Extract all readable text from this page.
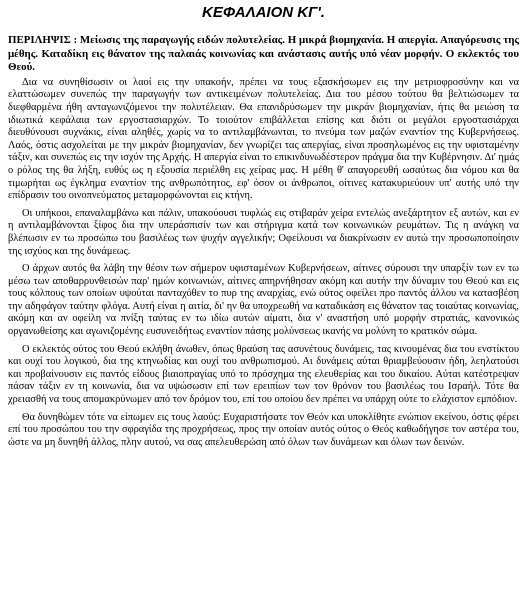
ΚΕΦΑΛΑΙΟΝ ΚΓ'.
ΠΕΡΙΛΗΨΙΣ : Μείωσις της παραγωγής ειδών πολυτελείας. Η μικρά βιομηχανία. Η απεργία. Απαγόρευσις της μέθης. Καταδίκη εις θάνατον της παλαιάς κοινωνίας και ανάστασις αυτής υπό νέαν μορφήν. Ο εκλεκτός του Θεού.
Δια να συνηθίσωσιν οι λαοί εις την υπακοήν, πρέπει να τους εξασκήσωμεν εις την μετριοφροσύνην και να ελαττώσωμεν συνεπώς την παραγωγήν των αντικειμένων πολυτελείας. Δια του μέσου τούτου θα βελτιώσωμεν τα διεφθαρμένα ήθη ανταγωνιζόμενοι την πολυτέλειαν. Θα επανιδρύσωμεν την μικράν βιομηχανίαν, ήτις θα μειώση τα ιδιωτικά κεφάλαια των εργοστασιαρχών. Το τοιούτον επιβάλλεται επίσης και διότι οι μεγάλοι εργοστασιάρχαι διευθύνουσι συχνάκις, είναι αληθές, χωρίς να το αντιλαμβάνωνται, το πνεύμα των μαζών εναντίον της Κυβερνήσεως. Λαός, όστις ασχολείται με την μικράν βιομηχανίαν, δεν γνωρίζει τας απεργίας, είναι προσηλωμένος εις την υφισταμένην τάξιν, και συνεπώς εις την ισχύν της Αρχής. Η απεργία είναι το επικινδυνωδέστερον πράγμα δια την Κυβέρνησιν. Δι' ημάς ο ρόλος της θα λήξη, ευθύς ως η εξουσία περιέλθη εις χείρας μας. Η μέθη θ' απαγορευθή ωσαύτως δια νόμου και θα τιμωρήται ως έγκλημα εναντίον της ανθρωπότητος, εφ' όσον οι άνθρωποι, οίτινες κατακυριεύουν υπ' αυτής υπό την επίδρασιν του οινοπνεύματος μεταμορφώνονται εις κτήνη.
Οι υπήκοοι, επαναλαμβάνω και πάλιν, υπακούουσι τυφλώς εις στιβαράν χείρα εντελώς ανεξάρτητον εξ αυτών, και εν η αντιλαμβάνονται ξίφος δια την υπεράσπισίν των και στήριγμα κατά των κοινωνικών ρευμάτων. Τις η ανάγκη να βλέπωσιν εν τω προσώπω του βασιλέως των ψυχήν αγγελικήν; Οφείλουσι να διακρίνωσιν εν αυτώ την προσωποποίησιν της ισχύος και της δυνάμεως.
Ο άρχων αυτός θα λάβη την θέσιν των σήμερον υφισταμένων Κυβερνήσεων, αίτινες σύρουσι την υπαρξίν των εν τω μέσω των αποθαρρυνθεισών παρ' ημών κοινωνιών, αίτινες απηρνήθησαν ακόμη και αυτήν την δύναμιν του Θεού και εις τους κόλπους των οποίων υψούται πανταχόθεν το πυρ της αναρχίας, ενώ ούτος οφείλει προ παντός άλλου να κατασβέση την αδηφάγον ταύτην φλόγα. Αυτή είναι η αιτία, δι' ην θα υποχρεωθή να καταδικάση εις θάνατον τας τοιαύτας κοινωνίας, ακόμη και αν οφείλη να πνίξη ταύτας εν τω ιδίω αυτών αίματι, δια ν' αναστήση υπό μορφήν στρατιάς, κανονικώς οργανωθείσης και αγωνιζομένης ευσυνειδήτως εναντίον πάσης μολύνσεως ικανής να μολύνη το κρατικόν σώμα.
Ο εκλεκτός ούτος του Θεού εκλήθη άνωθεν, όπως θραύση τας ασυνέτους δυνάμεις, τας κινουμένας δια του ενστίκτου και ουχί του λογικού, δια της κτηνωδίας και ουχί του ανθρωπισμού. Αι δυνάμεις αύται θριαμβεύουσιν ήδη, λεηλατούσι και προβαίνουσιν εις παντός είδους βιαιοπραγίας υπό το πρόσχημα της ελευθερίας και του δικαίου. Αύται κατέστρεψαν πάσαν τάξιν εν τη κοινωνία, δια να υψώσωσιν επί των ερειπίων των τον θρόνον του βασιλέως του Ισραήλ. Τότε θα χρειασθή να τους απομακρύνωμεν από τον δρόμον του, επί του οποίου δεν πρέπει να υπάρχη ούτε το ελάχιστον εμπόδιον.
Θα δυνηθώμεν τότε να είπωμεν εις τους λαούς: Ευχαριστήσατε τον Θεόν και υποκλίθητε ενώπιον εκείνου, όστις φέρει επί του προσώπου του την σφραγίδα της προχρήσεως, προς την οποίαν αυτός ούτος ο Θεός καθωδήγησε τον αστέρα του, ώστε να μη δυνηθή άλλος, πλην αυτού, να σας απελευθερώση από όλων των δυνάμεων και όλων των δεινών.
